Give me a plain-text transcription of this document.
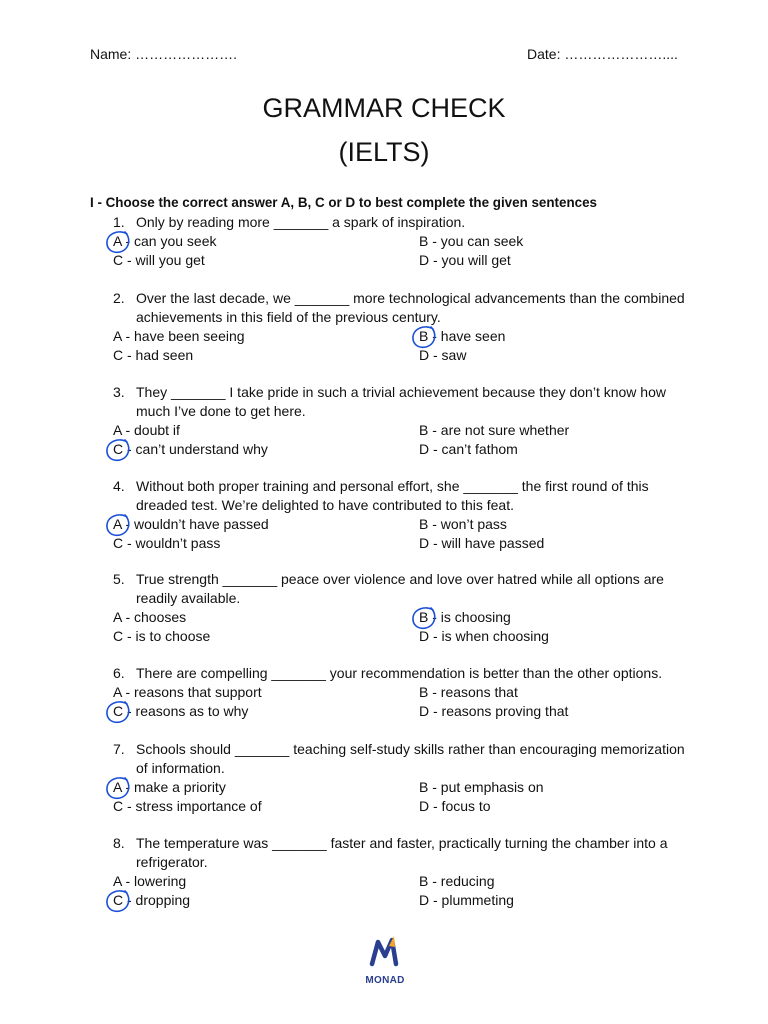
Name: ………………….	Date: …………………....
GRAMMAR CHECK
(IELTS)
I - Choose the correct answer A, B, C or D to best complete the given sentences
1. Only by reading more _______ a spark of inspiration.
A - can you seek	B - you can seek
C - will you get	D - you will get
2. Over the last decade, we _______ more technological advancements than the combined
achievements in this field of the previous century.
A - have been seeing	B - have seen
C - had seen	D - saw
3. They _______ I take pride in such a trivial achievement because they don’t know how
much I’ve done to get here.
A - doubt if	B - are not sure whether
C - can’t understand why	D - can’t fathom
4. Without both proper training and personal effort, she _______ the first round of this
dreaded test. We’re delighted to have contributed to this feat.
A - wouldn’t have passed	B - won’t pass
C - wouldn’t pass	D - will have passed
5. True strength _______ peace over violence and love over hatred while all options are
readily available.
A - chooses	B - is choosing
C - is to choose	D - is when choosing
6. There are compelling _______ your recommendation is better than the other options.
A - reasons that support	B - reasons that
C - reasons as to why	D - reasons proving that
7. Schools should _______ teaching self-study skills rather than encouraging memorization
of information.
A - make a priority	B - put emphasis on
C - stress importance of	D - focus to
8. The temperature was _______ faster and faster, practically turning the chamber into a
refrigerator.
A - lowering	B - reducing
C - dropping	D - plummeting
MONAD
